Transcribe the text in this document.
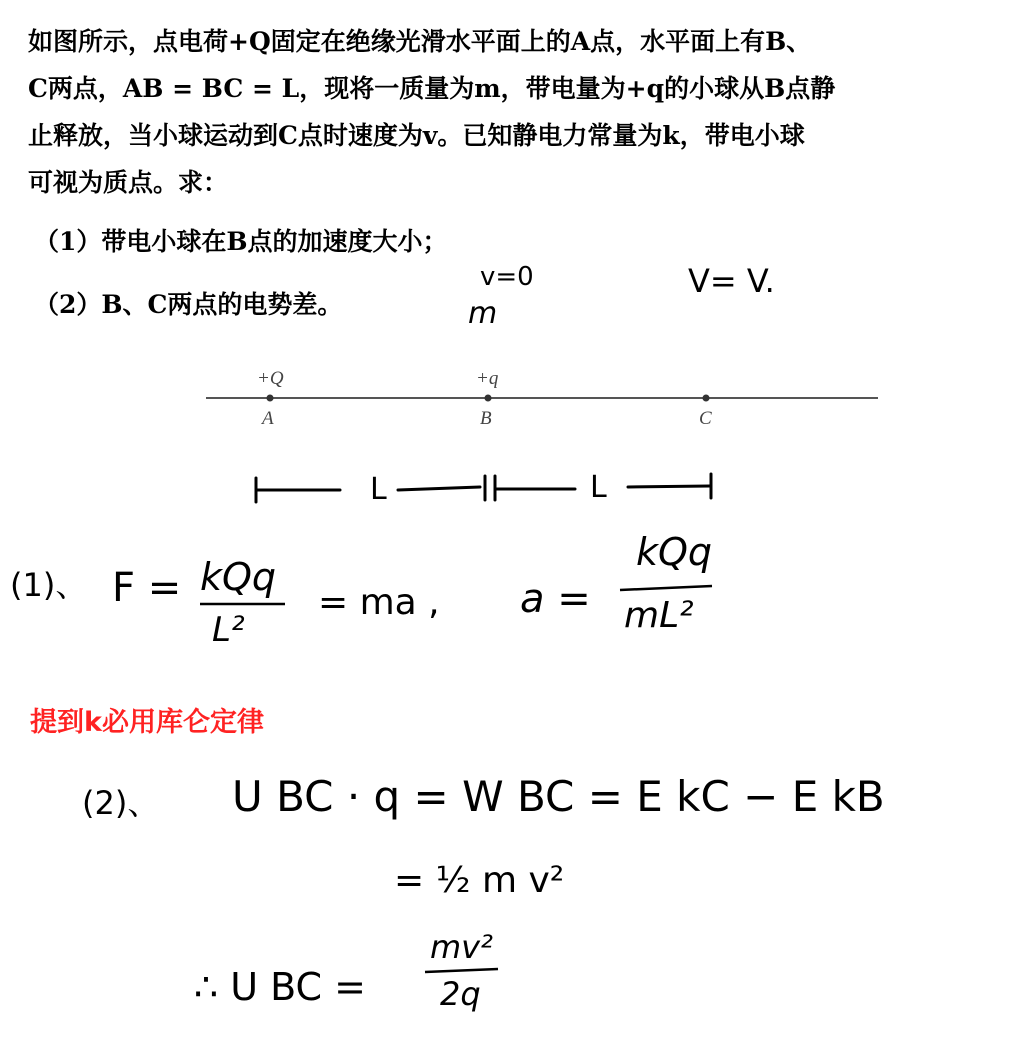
如图所示，点电荷+Q固定在绝缘光滑水平面上的A点，水平面上有B、
C两点，AB = BC = L，现将一质量为m，带电量为+q的小球从B点静
止释放，当小球运动到C点时速度为v。已知静电力常量为k，带电小球
可视为质点。求：
（1）带电小球在B点的加速度大小；
（2）B、C两点的电势差。
v=0
m
V= V.
+Q	+q
A	B	C
L	L
(1)、 F = kQq
L²
= ma , a =
kQq
mL²
提到k必用库仑定律
(2)、 U BC · q = W BC = E kC − E kB
= ½ m v²
∴ U BC =
mv²
2q
